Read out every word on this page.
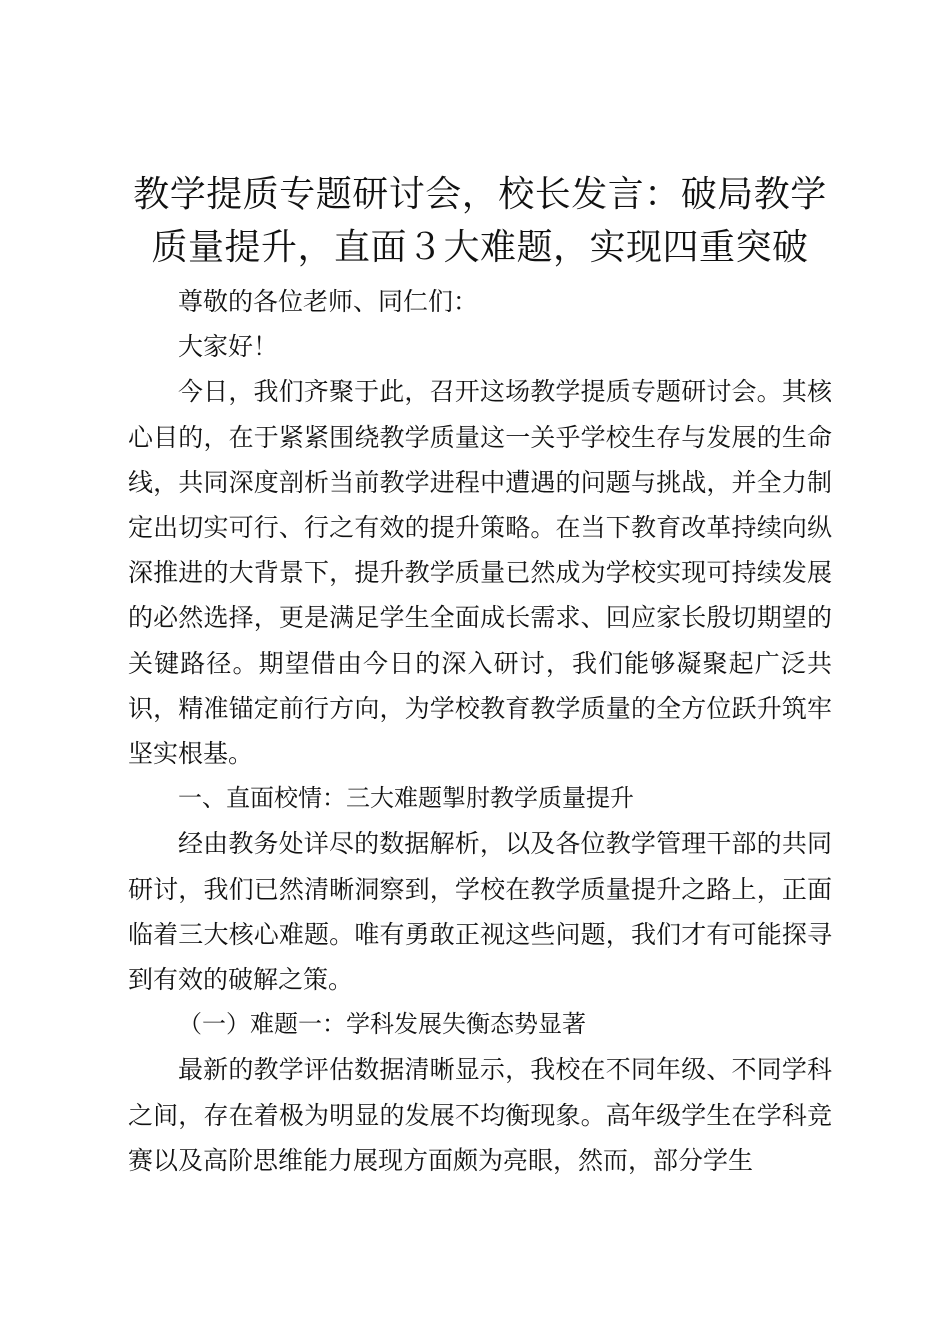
教学提质专题研讨会，校长发言：破局教学质量提升，直面３大难题，实现四重突破

尊敬的各位老师、同仁们：

大家好！

今日，我们齐聚于此，召开这场教学提质专题研讨会。其核心目的，在于紧紧围绕教学质量这一关乎学校生存与发展的生命线，共同深度剖析当前教学进程中遭遇的问题与挑战，并全力制定出切实可行、行之有效的提升策略。在当下教育改革持续向纵深推进的大背景下，提升教学质量已然成为学校实现可持续发展的必然选择，更是满足学生全面成长需求、回应家长殷切期望的关键路径。期望借由今日的深入研讨，我们能够凝聚起广泛共识，精准锚定前行方向，为学校教育教学质量的全方位跃升筑牢坚实根基。

一、直面校情：三大难题掣肘教学质量提升

经由教务处详尽的数据解析，以及各位教学管理干部的共同研讨，我们已然清晰洞察到，学校在教学质量提升之路上，正面临着三大核心难题。唯有勇敢正视这些问题，我们才有可能探寻到有效的破解之策。

（一）难题一：学科发展失衡态势显著

最新的教学评估数据清晰显示，我校在不同年级、不同学科之间，存在着极为明显的发展不均衡现象。高年级学生在学科竞赛以及高阶思维能力展现方面颇为亮眼，然而，部分学生
